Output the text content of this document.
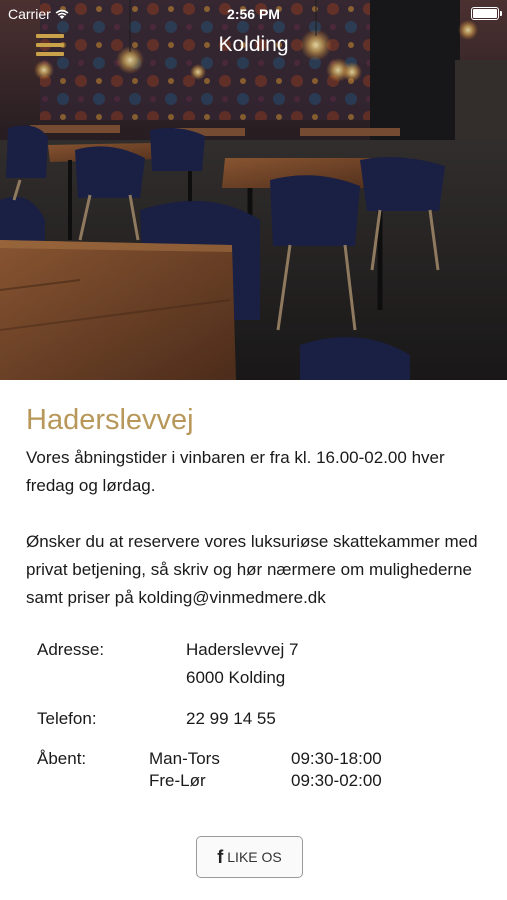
Carrier	2:56 PM
Kolding
Haderslevvej

Vores åbningstider i vinbaren er fra kl. 16.00-02.00 hver fredag og lørdag.

Ønsker du at reservere vores luksuriøse skattekammer med privat betjening, så skriv og hør nærmere om mulighederne samt priser på kolding@vinmedmere.dk

Adresse:	Haderslevvej 7
6000 Kolding
Telefon:	22 99 14 55
Åbent:	Man-Tors	09:30-18:00
Fre-Lør	09:30-02:00
f LIKE OS
